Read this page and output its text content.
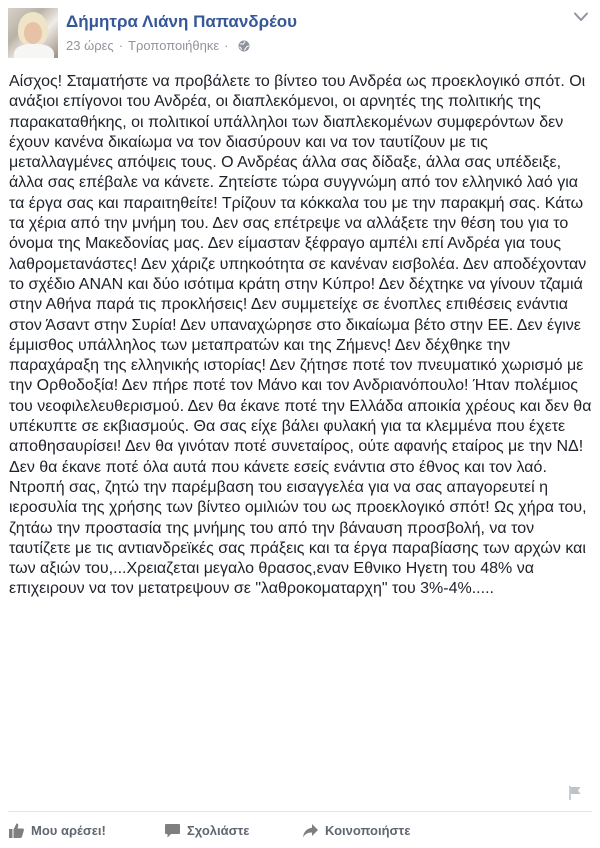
Δήμητρα Λιάνη Παπανδρέου
23 ώρες · Τροποποιήθηκε ·

Αίσχος! Σταματήστε να προβάλετε το βίντεο του Ανδρέα ως προεκλογικό σπότ. Οι ανάξιοι επίγονοι του Ανδρέα, οι διαπλεκόμενοι, οι αρνητές της πολιτικής της παρακαταθήκης, οι πολιτικοί υπάλληλοι των διαπλεκομένων συμφερόντων δεν έχουν κανένα δικαίωμα να τον διασύρουν και να τον ταυτίζουν με τις μεταλλαγμένες απόψεις τους. Ο Ανδρέας άλλα σας δίδαξε, άλλα σας υπέδειξε, άλλα σας επέβαλε να κάνετε. Ζητείστε τώρα συγγνώμη από τον ελληνικό λαό για τα έργα σας και παραιτηθείτε! Τρίζουν τα κόκκαλα του με την παρακμή σας. Κάτω τα χέρια από την μνήμη του. Δεν σας επέτρεψε να αλλάξετε την θέση του για το όνομα της Μακεδονίας μας. Δεν είμασταν ξέφραγο αμπέλι επί Ανδρέα για τους λαθρομετανάστες! Δεν χάριζε υπηκοότητα σε κανέναν εισβολέα. Δεν αποδέχονταν το σχέδιο ΑΝΑΝ και δύο ισότιμα κράτη στην Κύπρο! Δεν δέχτηκε να γίνουν τζαμιά στην Αθήνα παρά τις προκλήσεις! Δεν συμμετείχε σε ένοπλες επιθέσεις ενάντια στον Άσαντ στην Συρία! Δεν υπαναχώρησε στο δικαίωμα βέτο στην ΕΕ. Δεν έγινε έμμισθος υπάλληλος των μεταπρατών και της Ζήμενς! Δεν δέχθηκε την παραχάραξη της ελληνικής ιστορίας! Δεν ζήτησε ποτέ τον πνευματικό χωρισμό με την Ορθοδοξία! Δεν πήρε ποτέ τον Μάνο και τον Ανδριανόπουλο! Ήταν πολέμιος του νεοφιλελευθερισμού. Δεν θα έκανε ποτέ την Ελλάδα αποικία χρέους και δεν θα υπέκυπτε σε εκβιασμούς. Θα σας είχε βάλει φυλακή για τα κλεμμένα που έχετε αποθησαυρίσει! Δεν θα γινόταν ποτέ συνεταίρος, ούτε αφανής εταίρος με την ΝΔ! Δεν θα έκανε ποτέ όλα αυτά που κάνετε εσείς ενάντια στο έθνος και τον λαό. Ντροπή σας, ζητώ την παρέμβαση του εισαγγελέα για να σας απαγορευτεί η ιεροσυλία της χρήσης των βίντεο ομιλιών του ως προεκλογικό σπότ! Ως χήρα του, ζητάω την προστασία της μνήμης του από την βάναυση προσβολή, να τον ταυτίζετε με τις αντιανδρεϊκές σας πράξεις και τα έργα παραβίασης των αρχών και των αξιών του,...Χρειαζεται μεγαλο θρασος,εναν Εθνικο Ηγετη του 48% να επιχειρουν να τον μετατρεψουν σε "λαθροκοματαρχη" του 3%-4%.....

Μου αρέσει!	Σχολιάστε	Κοινοποιήστε
